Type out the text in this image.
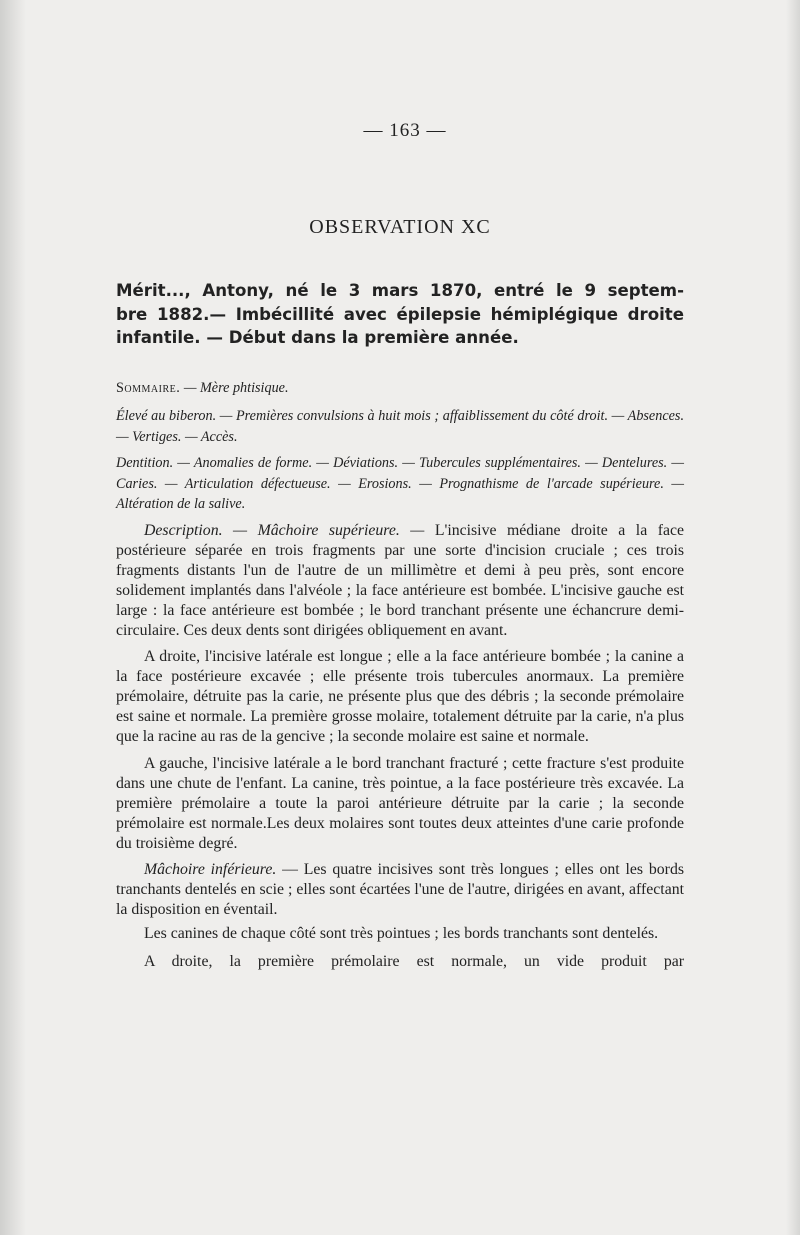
— 163 —
OBSERVATION XC
Mérit..., Antony, né le 3 mars 1870, entré le 9 septem-
bre 1882.— Imbécillité avec épilepsie hémiplégique droite
infantile. — Début dans la première année.

Sommaire. — Mère phtisique.

Élevé au biberon. — Premières convulsions à huit mois ; affaiblissement du côté droit. — Absences. — Vertiges. — Accès.

Dentition. — Anomalies de forme. — Déviations. — Tubercules supplémentaires. — Dentelures. — Caries. — Articulation défectueuse. — Erosions. — Prognathisme de l'arcade supérieure. — Altération de la salive.

Description. — Mâchoire supérieure. — L'incisive médiane droite a la face postérieure séparée en trois fragments par une sorte d'incision cruciale ; ces trois fragments distants l'un de l'autre de un millimètre et demi à peu près, sont encore solidement implantés dans l'alvéole ; la face antérieure est bombée. L'incisive gauche est large : la face antérieure est bombée ; le bord tranchant présente une échancrure demi-circulaire. Ces deux dents sont dirigées obliquement en avant.

A droite, l'incisive latérale est longue ; elle a la face antérieure bombée ; la canine a la face postérieure excavée ; elle présente trois tubercules anormaux. La première prémolaire, détruite pas la carie, ne présente plus que des débris ; la seconde prémolaire est saine et normale. La première grosse molaire, totalement détruite par la carie, n'a plus que la racine au ras de la gencive ; la seconde molaire est saine et normale.

A gauche, l'incisive latérale a le bord tranchant fracturé ; cette fracture s'est produite dans une chute de l'enfant. La canine, très pointue, a la face postérieure très excavée. La première prémolaire a toute la paroi antérieure détruite par la carie ; la seconde prémolaire est normale.Les deux molaires sont toutes deux atteintes d'une carie profonde du troisième degré.

Mâchoire inférieure. — Les quatre incisives sont très longues ; elles ont les bords tranchants dentelés en scie ; elles sont écartées l'une de l'autre, dirigées en avant, affectant la disposition en éventail.

Les canines de chaque côté sont très pointues ; les bords tranchants sont dentelés.

A droite, la première prémolaire est normale, un vide produit par
